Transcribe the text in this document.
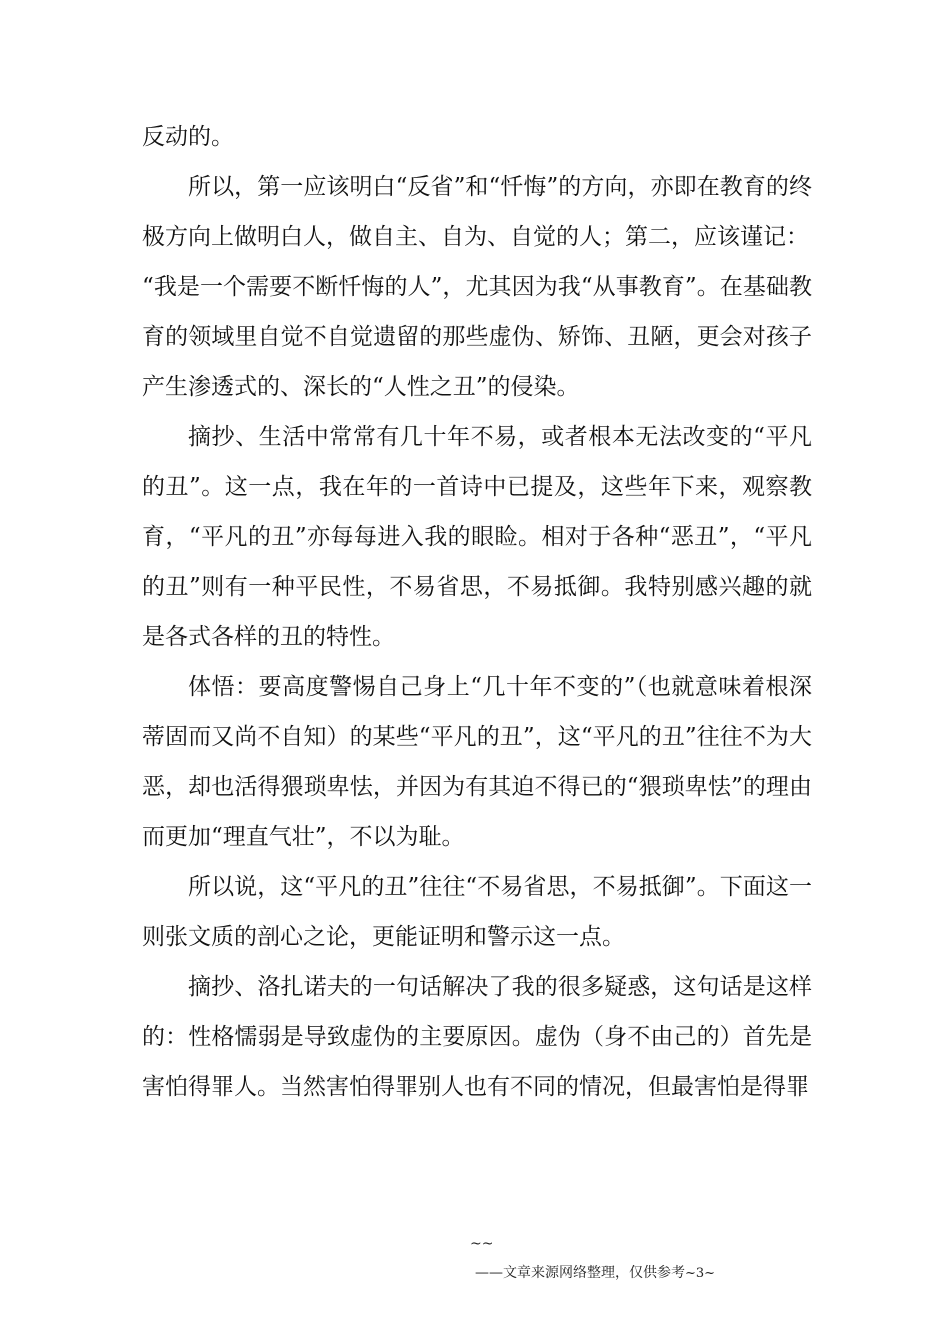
反动的。

所以，第一应该明白“反省”和“忏悔”的方向，亦即在教育的终极方向上做明白人，做自主、自为、自觉的人；第二，应该谨记：

“我是一个需要不断忏悔的人”，尤其因为我“从事教育”。在基础教育的领域里自觉不自觉遗留的那些虚伪、矫饰、丑陋，更会对孩子产生渗透式的、深长的“人性之丑”的侵染。

摘抄、生活中常常有几十年不易，或者根本无法改变的“平凡的丑”。这一点，我在年的一首诗中已提及，这些年下来，观察教育，“平凡的丑”亦每每进入我的眼睑。相对于各种“恶丑”，“平凡的丑”则有一种平民性，不易省思，不易抵御。我特别感兴趣的就是各式各样的丑的特性。

体悟：要高度警惕自己身上“几十年不变的”（也就意味着根深蒂固而又尚不自知）的某些“平凡的丑”，这“平凡的丑”往往不为大恶，却也活得猥琐卑怯，并因为有其迫不得已的“猥琐卑怯”的理由而更加“理直气壮”，不以为耻。

所以说，这“平凡的丑”往往“不易省思，不易抵御”。下面这一则张文质的剖心之论，更能证明和警示这一点。

摘抄、洛扎诺夫的一句话解决了我的很多疑惑，这句话是这样的：性格懦弱是导致虚伪的主要原因。虚伪（身不由己的）首先是害怕得罪人。当然害怕得罪别人也有不同的情况，但最害怕是得罪

~~
——文章来源网络整理，仅供参考~3~
